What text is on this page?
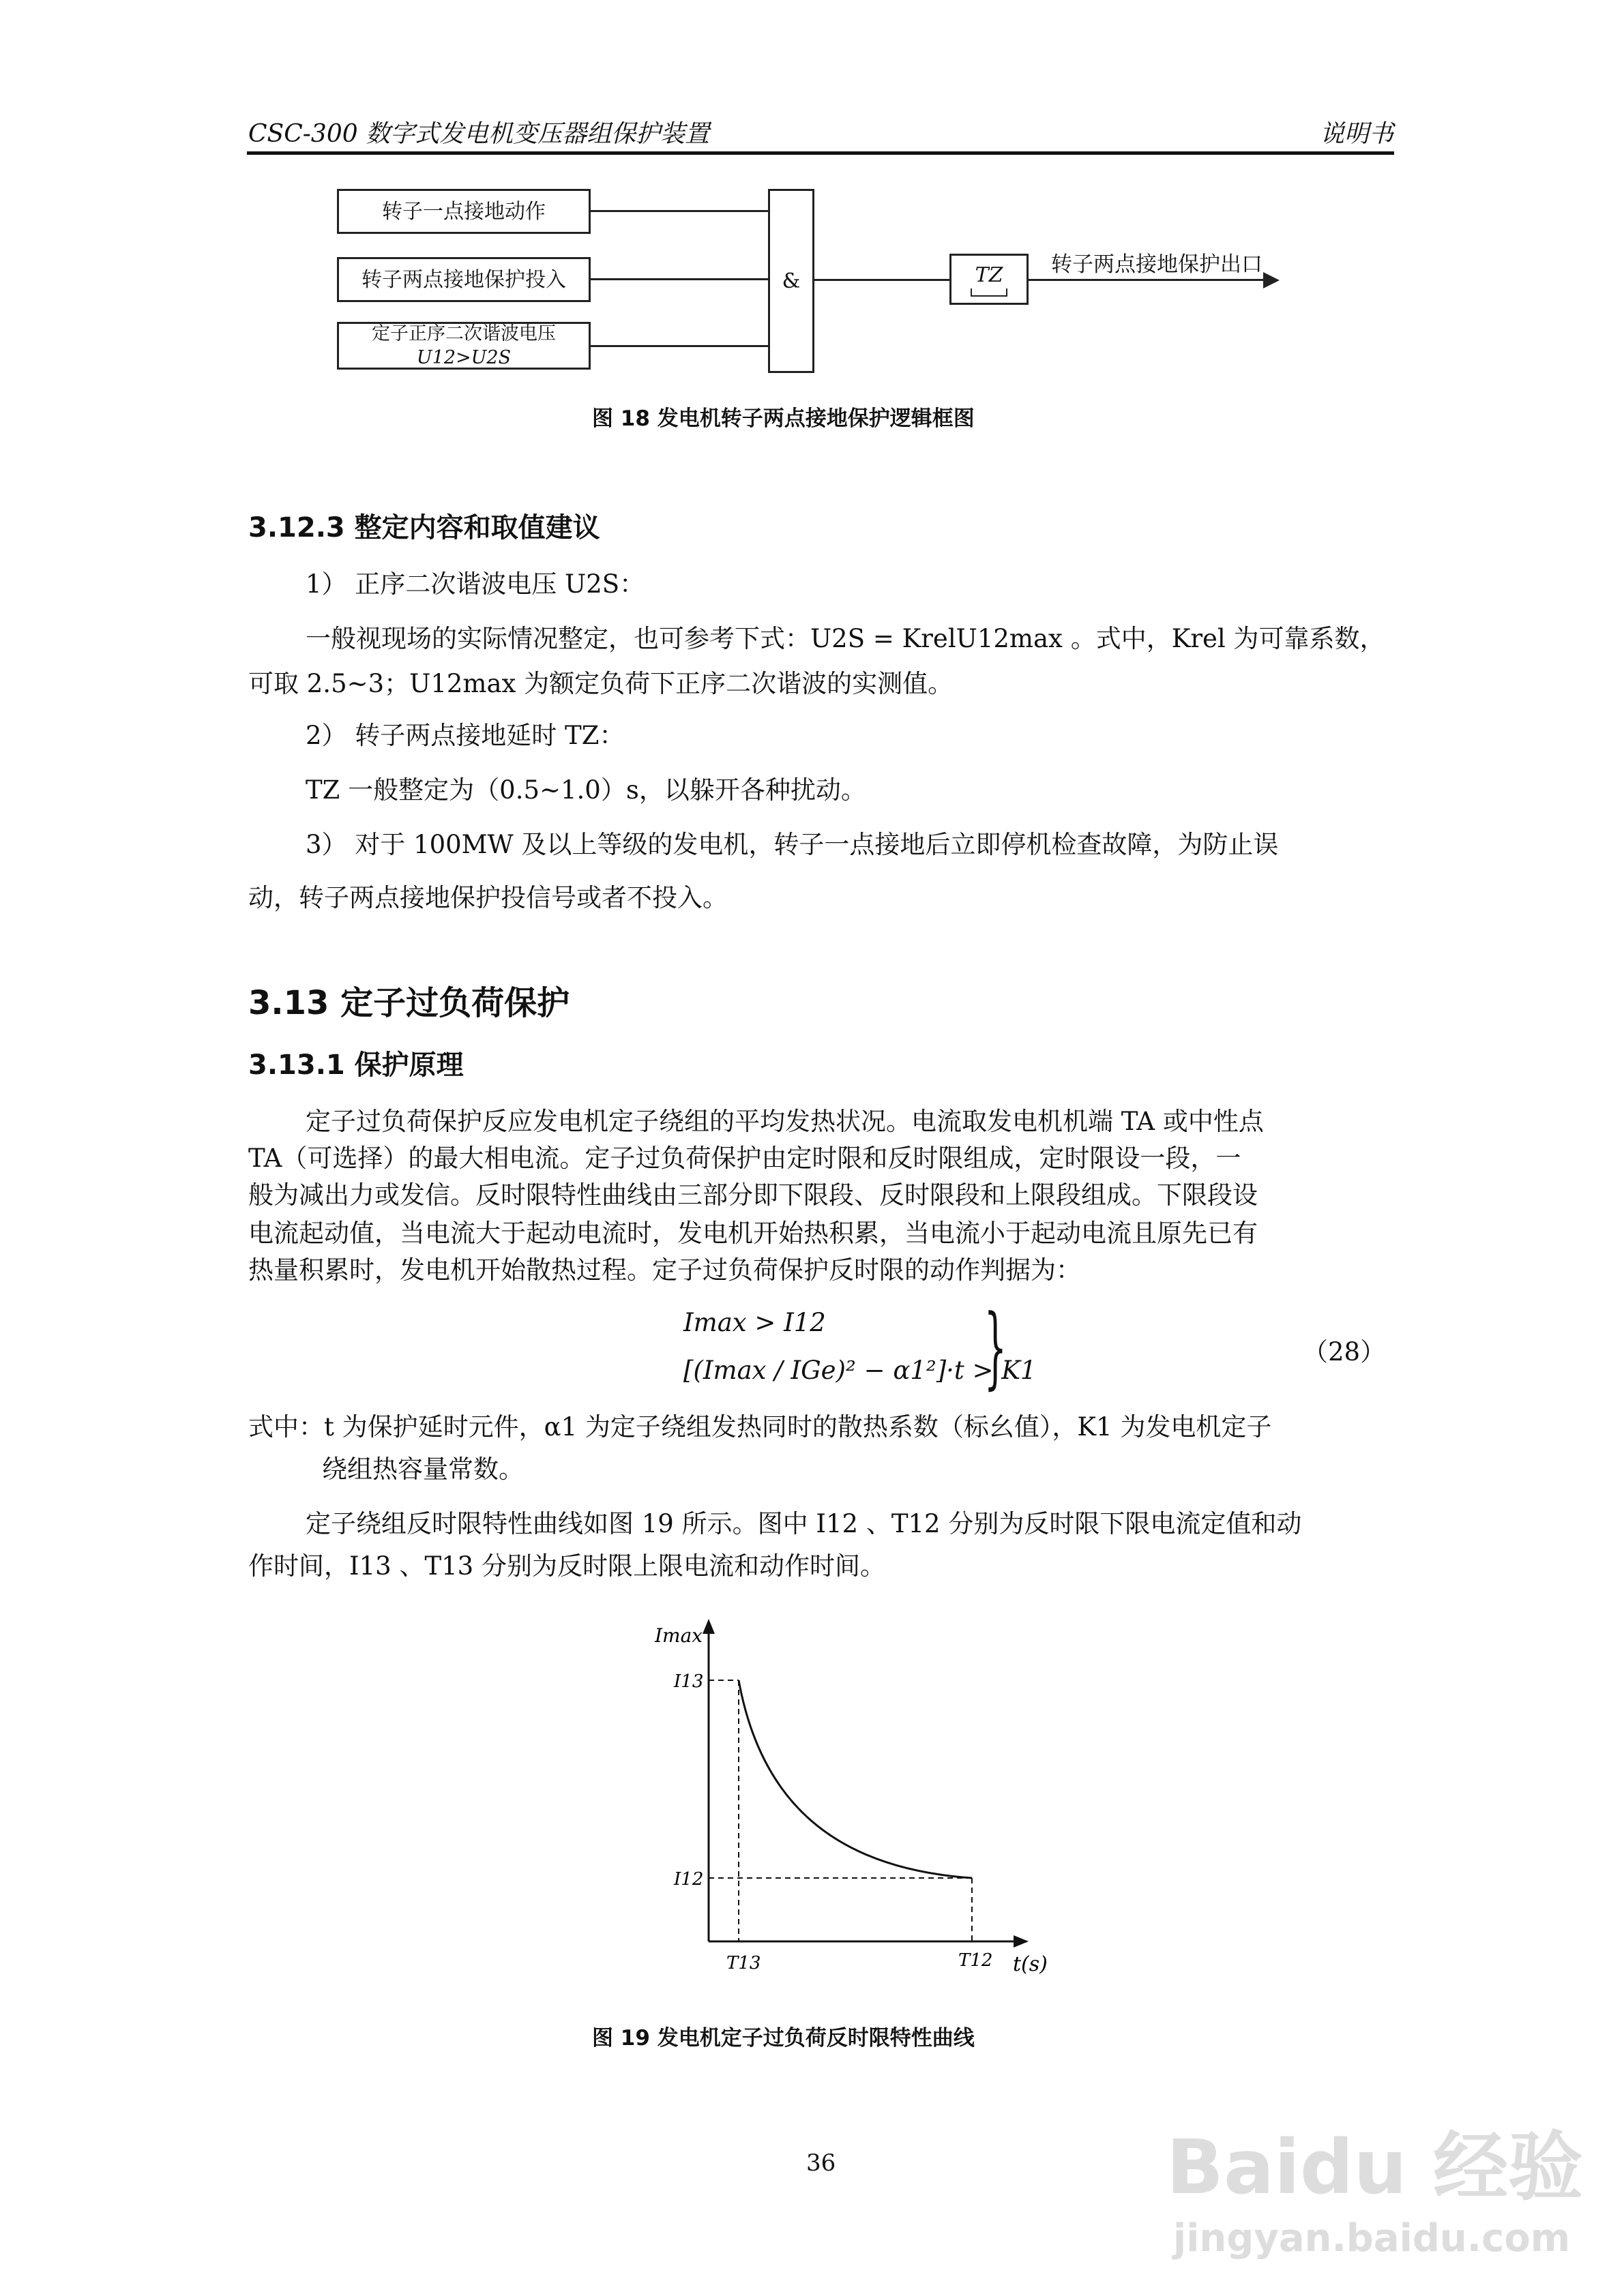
CSC-300 数字式发电机变压器组保护装置	说明书
转子一点接地动作
转子两点接地保护投入
定子正序二次谐波电压
U12>U2S
&	TZ 转子两点接地保护出口
图 18 发电机转子两点接地保护逻辑框图
3.12.3 整定内容和取值建议
1） 正序二次谐波电压 U2S：
一般视现场的实际情况整定，也可参考下式：U2S = KrelU12max 。式中，Krel 为可靠系数，
可取 2.5~3；U12max 为额定负荷下正序二次谐波的实测值。
2） 转子两点接地延时 TZ：
TZ 一般整定为（0.5~1.0）s，以躲开各种扰动。
3） 对于 100MW 及以上等级的发电机，转子一点接地后立即停机检查故障，为防止误
动，转子两点接地保护投信号或者不投入。
3.13 定子过负荷保护
3.13.1 保护原理
定子过负荷保护反应发电机定子绕组的平均发热状况。电流取发电机机端 TA 或中性点
TA（可选择）的最大相电流。定子过负荷保护由定时限和反时限组成，定时限设一段，一
般为减出力或发信。反时限特性曲线由三部分即下限段、反时限段和上限段组成。下限段设
电流起动值，当电流大于起动电流时，发电机开始热积累，当电流小于起动电流且原先已有
热量积累时，发电机开始散热过程。定子过负荷保护反时限的动作判据为：
Imax > I12
[(Imax / IGe)² − α1²]·t > K1
}	（28）
式中：t 为保护延时元件，α1 为定子绕组发热同时的散热系数（标幺值），K1 为发电机定子
绕组热容量常数。
定子绕组反时限特性曲线如图 19 所示。图中 I12 、T12 分别为反时限下限电流定值和动
作时间，I13 、T13 分别为反时限上限电流和动作时间。
Imax
I13
I12
T13	T12 t(s)
图 19 发电机定子过负荷反时限特性曲线
36	Baidu 经验
jingyan.baidu.com
